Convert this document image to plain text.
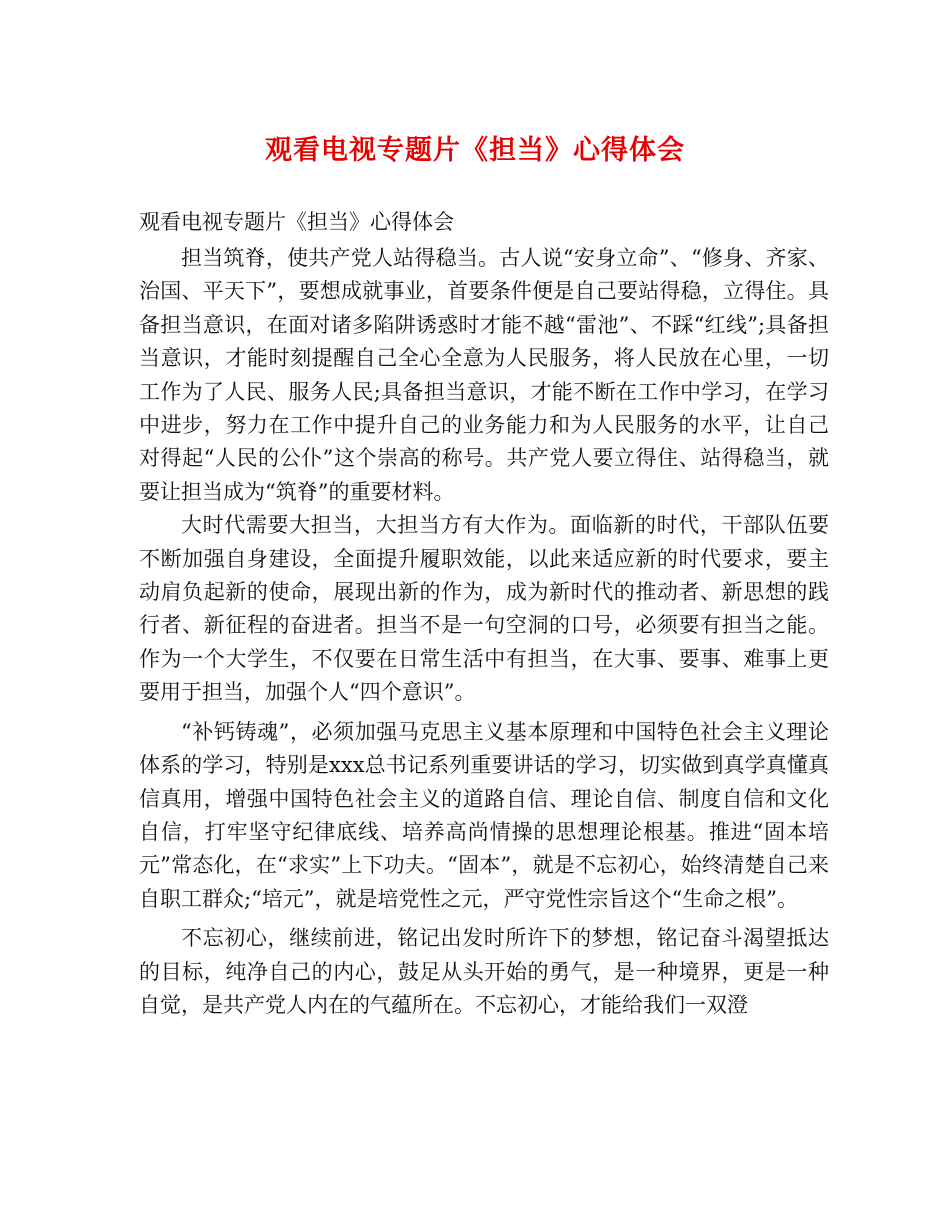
观看电视专题片《担当》心得体会
观看电视专题片《担当》心得体会

担当筑脊，使共产党人站得稳当。古人说“安身立命”、“修身、齐家、治国、平天下”，要想成就事业，首要条件便是自己要站得稳，立得住。具备担当意识，在面对诸多陷阱诱惑时才能不越“雷池”、不踩“红线”;具备担当意识，才能时刻提醒自己全心全意为人民服务，将人民放在心里，一切工作为了人民、服务人民;具备担当意识，才能不断在工作中学习，在学习中进步，努力在工作中提升自己的业务能力和为人民服务的水平，让自己对得起“人民的公仆”这个崇高的称号。共产党人要立得住、站得稳当，就要让担当成为“筑脊”的重要材料。

大时代需要大担当，大担当方有大作为。面临新的时代，干部队伍要不断加强自身建设，全面提升履职效能，以此来适应新的时代要求，要主动肩负起新的使命，展现出新的作为，成为新时代的推动者、新思想的践行者、新征程的奋进者。担当不是一句空洞的口号，必须要有担当之能。作为一个大学生，不仅要在日常生活中有担当，在大事、要事、难事上更要用于担当，加强个人“四个意识”。

“补钙铸魂”，必须加强马克思主义基本原理和中国特色社会主义理论体系的学习，特别是xxx总书记系列重要讲话的学习，切实做到真学真懂真信真用，增强中国特色社会主义的道路自信、理论自信、制度自信和文化自信，打牢坚守纪律底线、培养高尚情操的思想理论根基。推进“固本培元”常态化，在“求实”上下功夫。“固本”，就是不忘初心，始终清楚自己来自职工群众;“培元”，就是培党性之元，严守党性宗旨这个“生命之根”。

不忘初心，继续前进，铭记出发时所许下的梦想，铭记奋斗渴望抵达的目标，纯净自己的内心，鼓足从头开始的勇气，是一种境界，更是一种自觉，是共产党人内在的气蕴所在。不忘初心，才能给我们一双澄
